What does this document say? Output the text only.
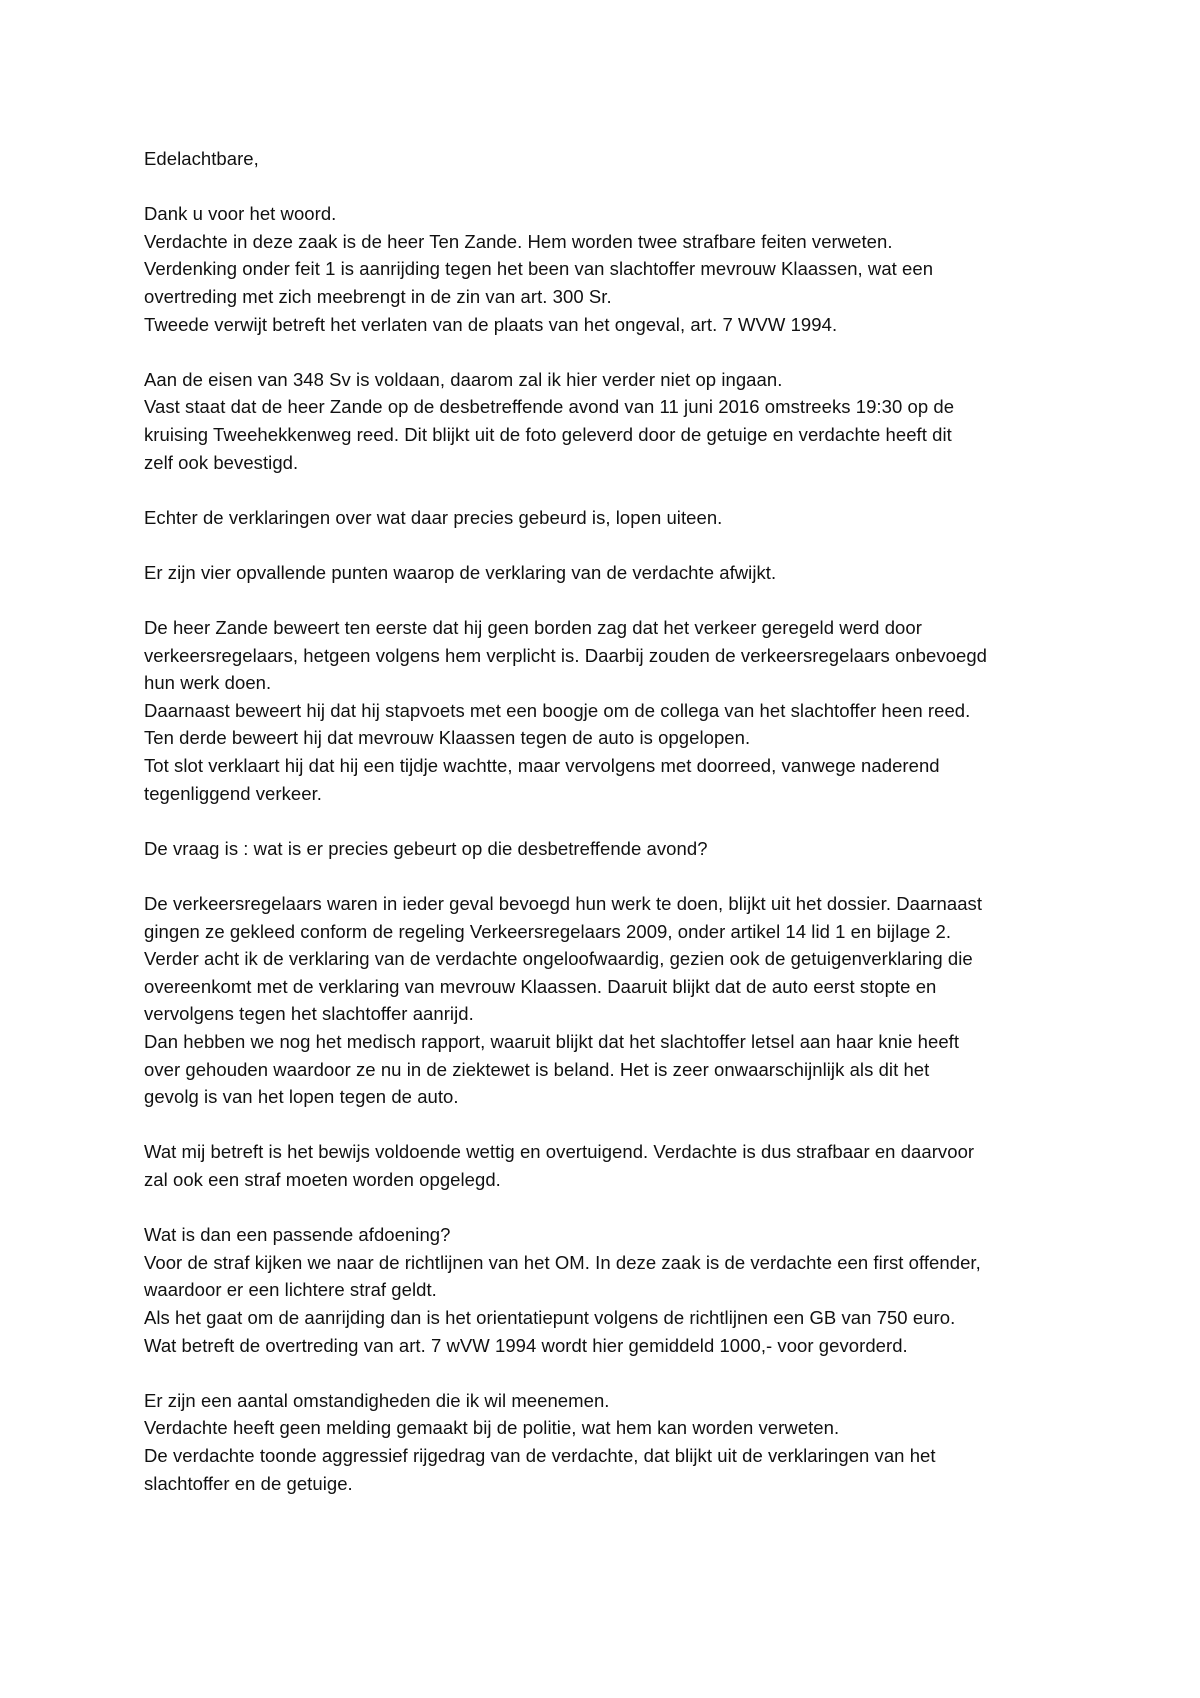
Edelachtbare,
Dank u voor het woord.
Verdachte in deze zaak is de heer Ten Zande. Hem worden twee strafbare feiten verweten.
Verdenking onder feit 1 is aanrijding tegen het been van slachtoffer mevrouw Klaassen, wat een
overtreding met zich meebrengt in de zin van art. 300 Sr.
Tweede verwijt betreft het verlaten van de plaats van het ongeval, art. 7 WVW 1994.
Aan de eisen van 348 Sv is voldaan, daarom zal ik hier verder niet op ingaan.
Vast staat dat de heer Zande op de desbetreffende avond van 11 juni 2016 omstreeks 19:30 op de
kruising Tweehekkenweg reed. Dit blijkt uit de foto geleverd door de getuige en verdachte heeft dit
zelf ook bevestigd.
Echter de verklaringen over wat daar precies gebeurd is, lopen uiteen.
Er zijn vier opvallende punten waarop de verklaring van de verdachte afwijkt.
De heer Zande beweert ten eerste dat hij geen borden zag dat het verkeer geregeld werd door
verkeersregelaars, hetgeen volgens hem verplicht is. Daarbij zouden de verkeersregelaars onbevoegd
hun werk doen.
Daarnaast beweert hij dat hij stapvoets met een boogje om de collega van het slachtoffer heen reed.
Ten derde beweert hij dat mevrouw Klaassen tegen de auto is opgelopen.
Tot slot verklaart hij dat hij een tijdje wachtte, maar vervolgens met doorreed, vanwege naderend
tegenliggend verkeer.
De vraag is : wat is er precies gebeurt op die desbetreffende avond?
De verkeersregelaars waren in ieder geval bevoegd hun werk te doen, blijkt uit het dossier. Daarnaast
gingen ze gekleed conform de regeling Verkeersregelaars 2009, onder artikel 14 lid 1 en bijlage 2.
Verder acht ik de verklaring van de verdachte ongeloofwaardig, gezien ook de getuigenverklaring die
overeenkomt met de verklaring van mevrouw Klaassen. Daaruit blijkt dat de auto eerst stopte en
vervolgens tegen het slachtoffer aanrijd.
Dan hebben we nog het medisch rapport, waaruit blijkt dat het slachtoffer letsel aan haar knie heeft
over gehouden waardoor ze nu in de ziektewet is beland. Het is zeer onwaarschijnlijk als dit het
gevolg is van het lopen tegen de auto.
Wat mij betreft is het bewijs voldoende wettig en overtuigend. Verdachte is dus strafbaar en daarvoor
zal ook een straf moeten worden opgelegd.
Wat is dan een passende afdoening?
Voor de straf kijken we naar de richtlijnen van het OM. In deze zaak is de verdachte een first offender,
waardoor er een lichtere straf geldt.
Als het gaat om de aanrijding dan is het orientatiepunt volgens de richtlijnen een GB van 750 euro.
Wat betreft de overtreding van art. 7 wVW 1994 wordt hier gemiddeld 1000,- voor gevorderd.
Er zijn een aantal omstandigheden die ik wil meenemen.
Verdachte heeft geen melding gemaakt bij de politie, wat hem kan worden verweten.
De verdachte toonde aggressief rijgedrag van de verdachte, dat blijkt uit de verklaringen van het
slachtoffer en de getuige.
